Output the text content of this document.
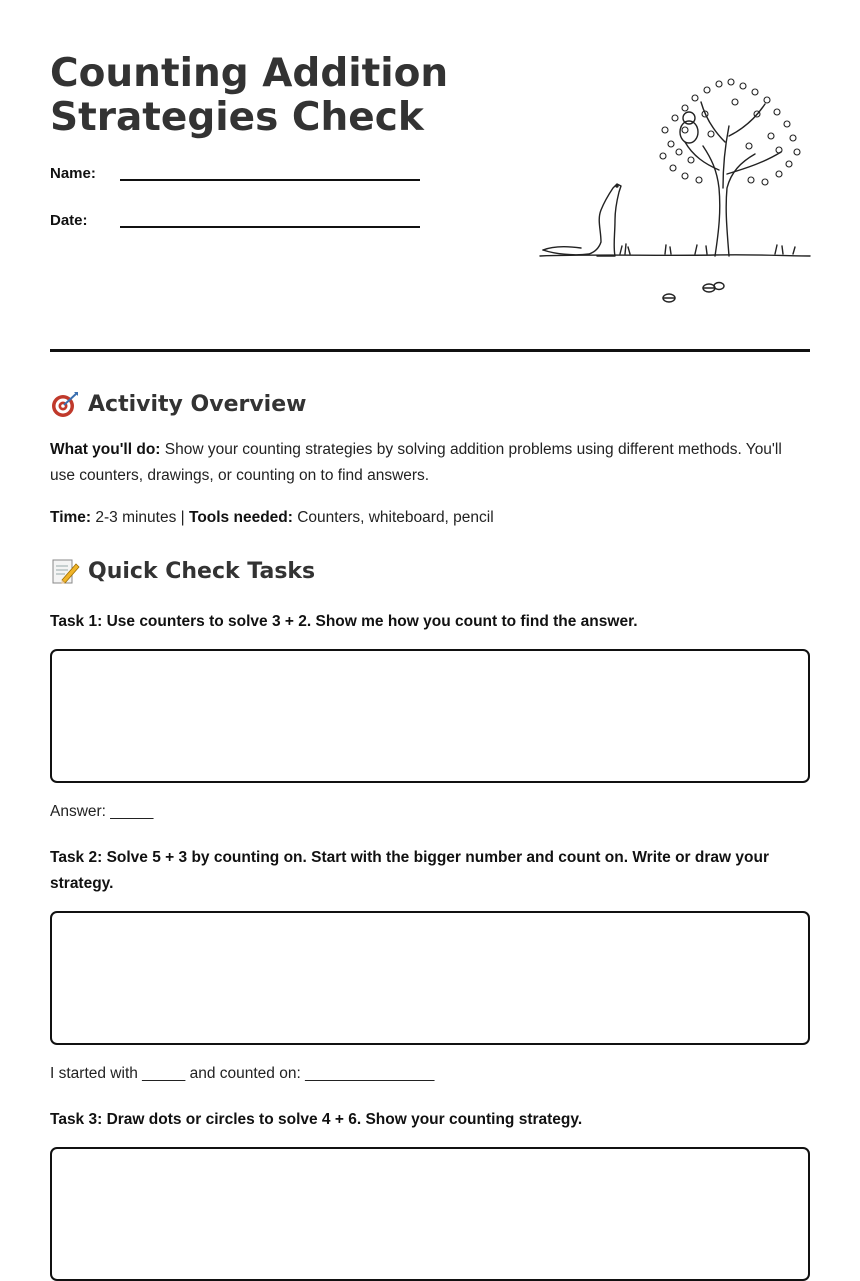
Counting Addition
Strategies Check
Name:
Date:
Activity Overview

What you'll do: Show your counting strategies by solving addition problems using different methods. You'll use counters, drawings, or counting on to find answers.

Time: 2-3 minutes | Tools needed: Counters, whiteboard, pencil

Quick Check Tasks

Task 1: Use counters to solve 3 + 2. Show me how you count to find the answer.

Answer: _____

Task 2: Solve 5 + 3 by counting on. Start with the bigger number and count on. Write or draw your strategy.

I started with _____ and counted on: _______________

Task 3: Draw dots or circles to solve 4 + 6. Show your counting strategy.
